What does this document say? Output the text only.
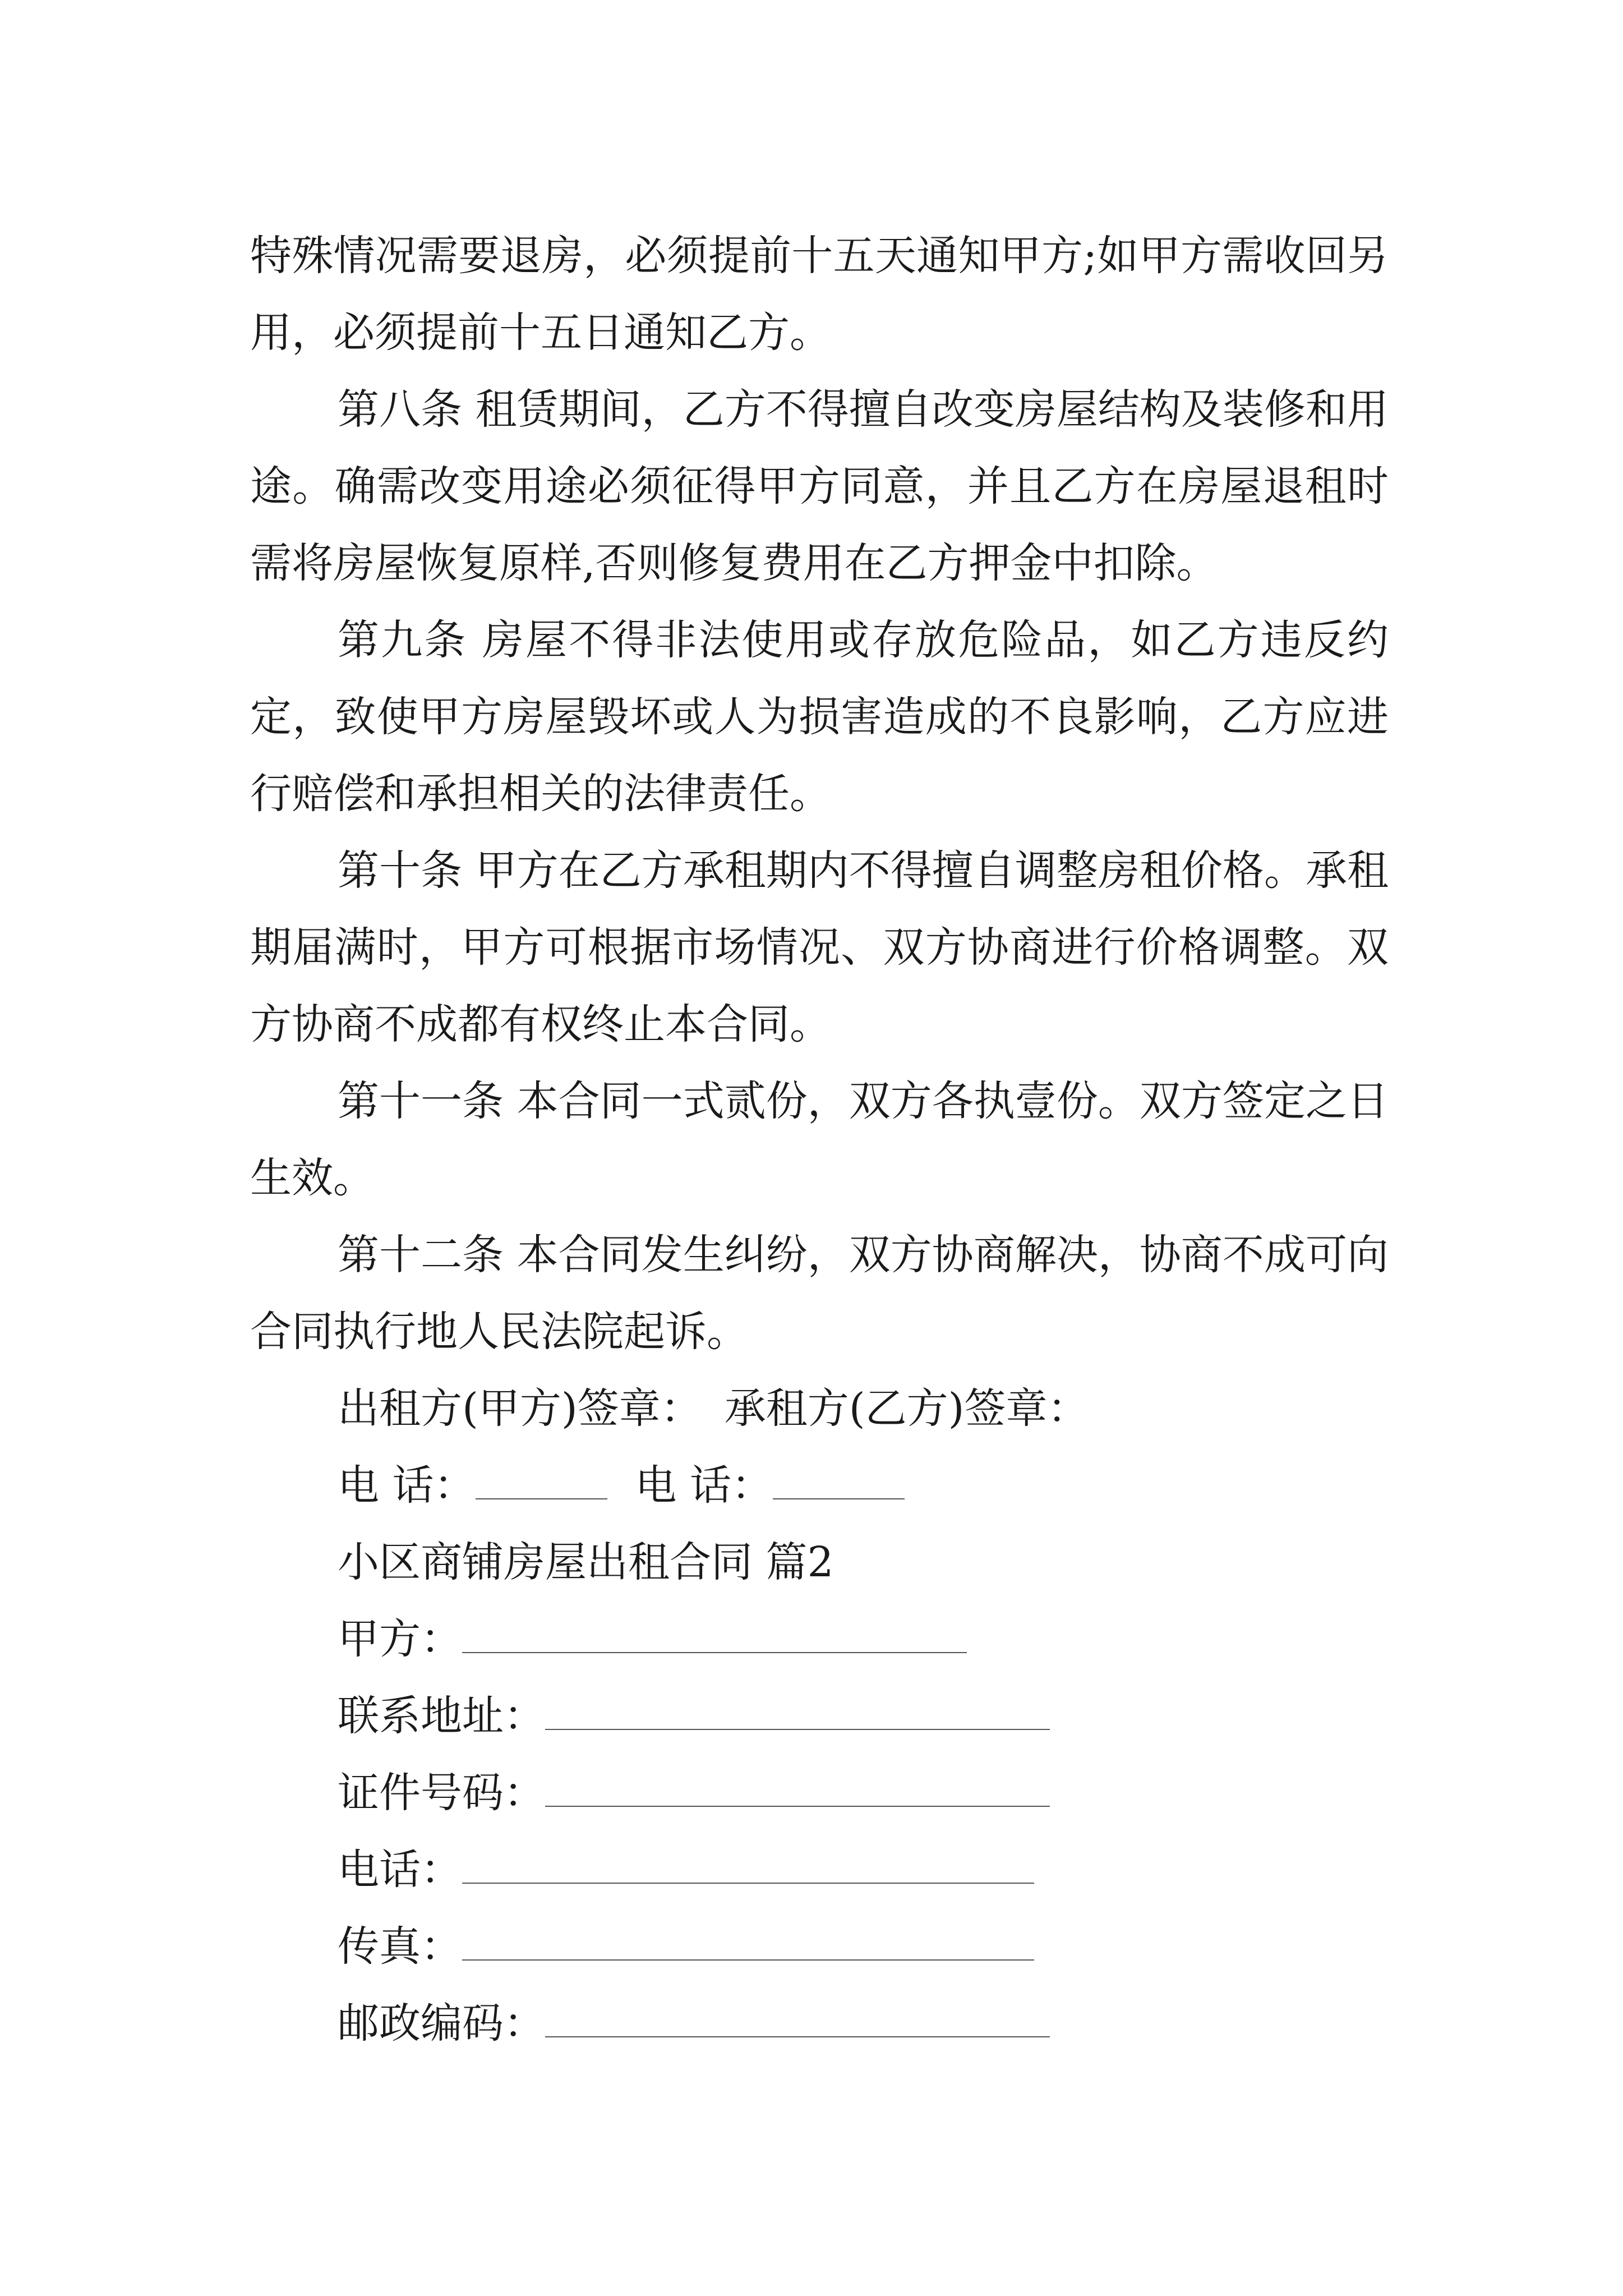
特殊情况需要退房，必须提前十五天通知甲方;如甲方需收回另用，必须提前十五日通知乙方。

第八条 租赁期间，乙方不得擅自改变房屋结构及装修和用途。确需改变用途必须征得甲方同意，并且乙方在房屋退租时需将房屋恢复原样,否则修复费用在乙方押金中扣除。

第九条 房屋不得非法使用或存放危险品，如乙方违反约定，致使甲方房屋毁坏或人为损害造成的不良影响，乙方应进行赔偿和承担相关的法律责任。

第十条 甲方在乙方承租期内不得擅自调整房租价格。承租期届满时，甲方可根据市场情况、双方协商进行价格调整。双方协商不成都有权终止本合同。

第十一条 本合同一式贰份，双方各执壹份。双方签定之日生效。

第十二条 本合同发生纠纷，双方协商解决，协商不成可向合同执行地人民法院起诉。

出租方(甲方)签章： 承租方(乙方)签章：
电 话：	电 话：
小区商铺房屋出租合同 篇2
甲方：
联系地址：
证件号码：
电话：
传真：
邮政编码：
